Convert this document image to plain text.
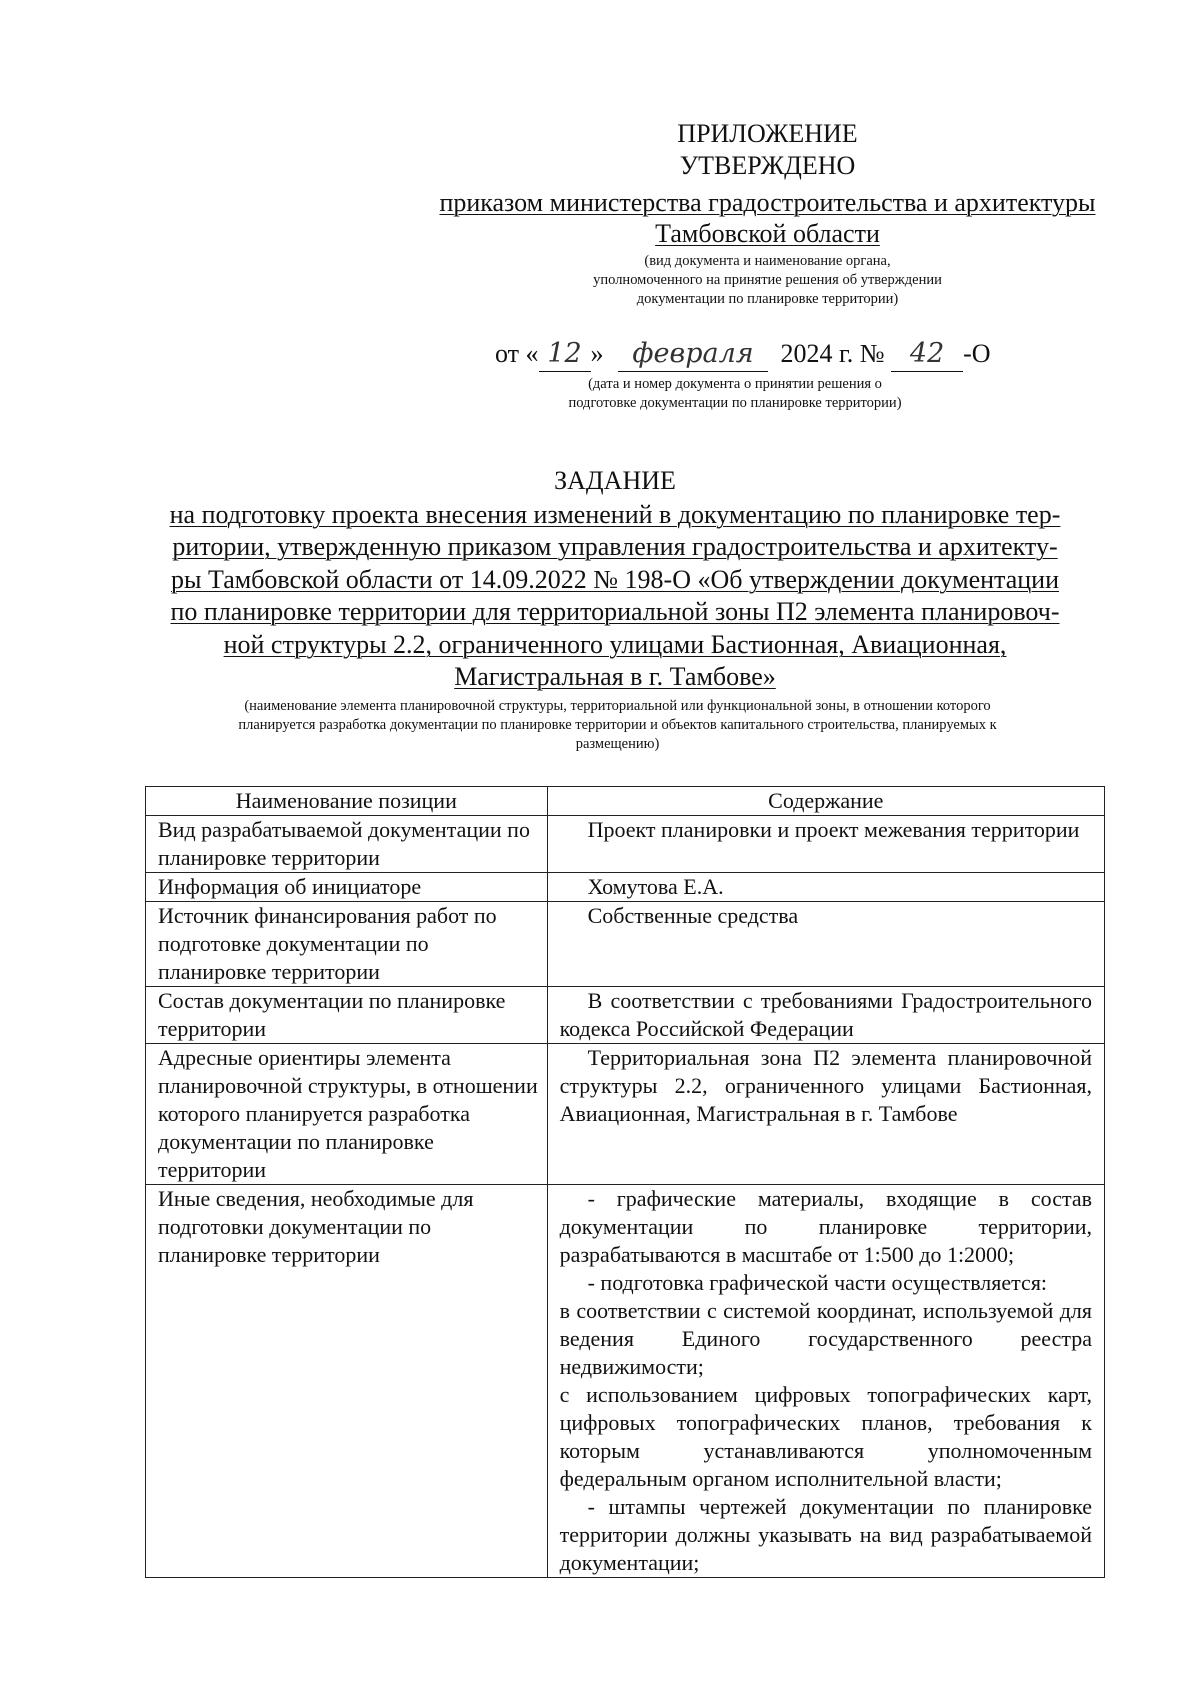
ПРИЛОЖЕНИЕ
УТВЕРЖДЕНО
приказом министерства градостроительства и архитектуры
Тамбовской области
(вид документа и наименование органа,
уполномоченного на принятие решения об утверждении
документации по планировке территории)
от « 12 » февраля 2024 г. № 42 -О
(дата и номер документа о принятии решения о
подготовке документации по планировке территории)
ЗАДАНИЕ
на подготовку проекта внесения изменений в документацию по планировке тер-
ритории, утвержденную приказом управления градостроительства и архитекту-
ры Тамбовской области от 14.09.2022 № 198-О «Об утверждении документации
по планировке территории для территориальной зоны П2 элемента планировоч-
ной структуры 2.2, ограниченного улицами Бастионная, Авиационная,
Магистральная в г. Тамбове»
(наименование элемента планировочной структуры, территориальной или функциональной зоны, в отношении которого
планируется разработка документации по планировке территории и объектов капитального строительства, планируемых к
размещению)
Наименование позиции	Содержание
Вид разрабатываемой документации по планировке территории	Проект планировки и проект межевания территории

Информация об инициаторе	Хомутова Е.А.

Источник финансирования работ по подготовке документации по планировке территории	Собственные средства

Состав документации по планировке территории	В соответствии с требованиями Градостроительного кодекса Российской Федерации

Адресные ориентиры элемента планировочной структуры, в отношении которого планируется разработка документации по планировке территории	Территориальная зона П2 элемента планировочной структуры 2.2, ограниченного улицами Бастионная, Авиационная, Магистральная в г. Тамбове

Иные сведения, необходимые для подготовки документации по планировке территории	- графические материалы, входящие в состав документации по планировке территории, разрабатываются в масштабе от 1:500 до 1:2000;

- подготовка графической части осуществляется:

в соответствии с системой координат, используемой для ведения Единого государственного реестра недвижимости;

с использованием цифровых топографических карт, цифровых топографических планов, требования к которым устанавливаются уполномоченным федеральным органом исполнительной власти;

- штампы чертежей документации по планировке территории должны указывать на вид разрабатываемой документации;
